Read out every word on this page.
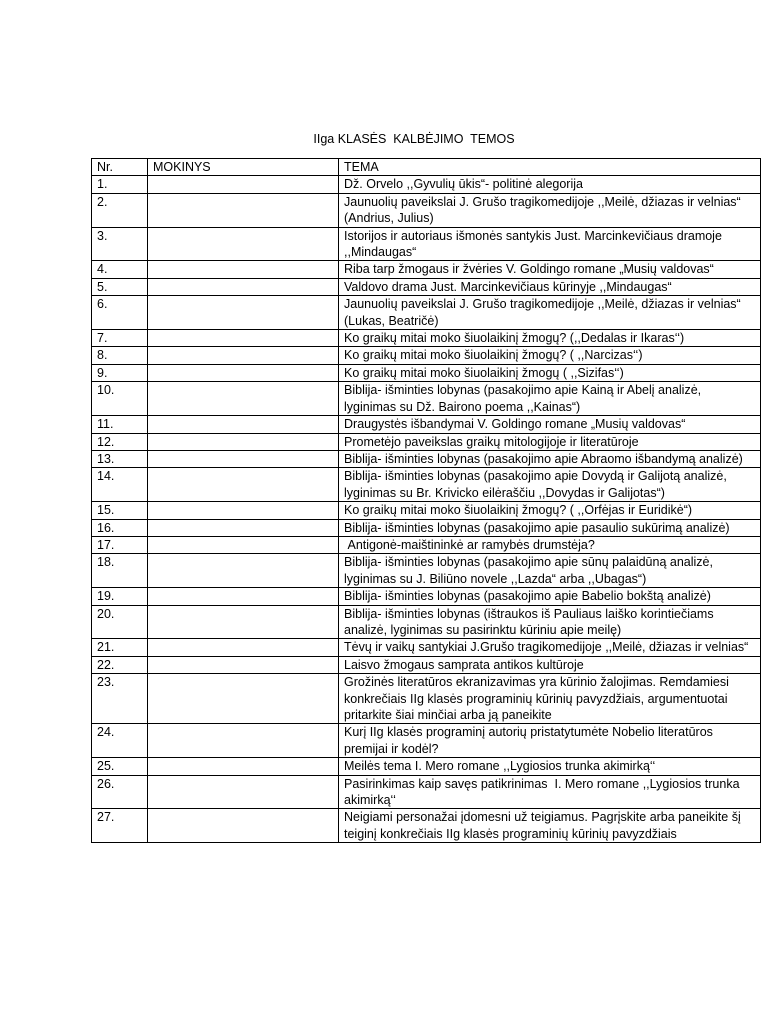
IIga KLASĖS  KALBĖJIMO  TEMOS
Nr.	MOKINYS	TEMA
1.		Dž. Orvelo ,,Gyvulių ūkis“- politinė alegorija
2.		Jaunuolių paveikslai J. Grušo tragikomedijoje ,,Meilė, džiazas ir velnias“ (Andrius, Julius)
3.		Istorijos ir autoriaus išmonės santykis Just. Marcinkevičiaus dramoje ,,Mindaugas“
4.		Riba tarp žmogaus ir žvėries V. Goldingo romane „Musių valdovas“
5.		Valdovo drama Just. Marcinkevičiaus kūrinyje ,,Mindaugas“
6.		Jaunuolių paveikslai J. Grušo tragikomedijoje ,,Meilė, džiazas ir velnias“ (Lukas, Beatričė)
7.		Ko graikų mitai moko šiuolaikinį žmogų? (,,Dedalas ir Ikaras‘‘)
8.		Ko graikų mitai moko šiuolaikinį žmogų? ( ,,Narcizas‘‘)
9.		Ko graikų mitai moko šiuolaikinį žmogų ( ,,Sizifas‘‘)
10.		Biblija- išminties lobynas (pasakojimo apie Kainą ir Abelį analizė, lyginimas su Dž. Bairono poema ,,Kainas“)
11.		Draugystės išbandymai V. Goldingo romane „Musių valdovas“
12.		Prometėjo paveikslas graikų mitologijoje ir literatūroje
13.		Biblija- išminties lobynas (pasakojimo apie Abraomo išbandymą analizė)
14.		Biblija- išminties lobynas (pasakojimo apie Dovydą ir Galijotą analizė, lyginimas su Br. Krivicko eilėraščiu ,,Dovydas ir Galijotas“)
15.		Ko graikų mitai moko šiuolaikinį žmogų? ( ,,Orfėjas ir Euridikė“)
16.		Biblija- išminties lobynas (pasakojimo apie pasaulio sukūrimą analizė)
17.		Antigonė-maištininkė ar ramybės drumstėja?
18.		Biblija- išminties lobynas (pasakojimo apie sūnų palaidūną analizė, lyginimas su J. Biliūno novele ,,Lazda“ arba ,,Ubagas“)
19.		Biblija- išminties lobynas (pasakojimo apie Babelio bokštą analizė)
20.		Biblija- išminties lobynas (ištraukos iš Pauliaus laiško korintiečiams analizė, lyginimas su pasirinktu kūriniu apie meilę)
21.		Tėvų ir vaikų santykiai J.Grušo tragikomedijoje ,,Meilė, džiazas ir velnias“
22.		Laisvo žmogaus samprata antikos kultūroje
23.		Grožinės literatūros ekranizavimas yra kūrinio žalojimas. Remdamiesi konkrečiais IIg klasės programinių kūrinių pavyzdžiais, argumentuotai pritarkite šiai minčiai arba ją paneikite
24.		Kurį IIg klasės programinį autorių pristatytumėte Nobelio literatūros premijai ir kodėl?
25.		Meilės tema I. Mero romane ,,Lygiosios trunka akimirką‘‘
26.		Pasirinkimas kaip savęs patikrinimas  I. Mero romane ,,Lygiosios trunka akimirką‘‘
27.		Neigiami personažai įdomesni už teigiamus. Pagrįskite arba paneikite šį teiginį konkrečiais IIg klasės programinių kūrinių pavyzdžiais
